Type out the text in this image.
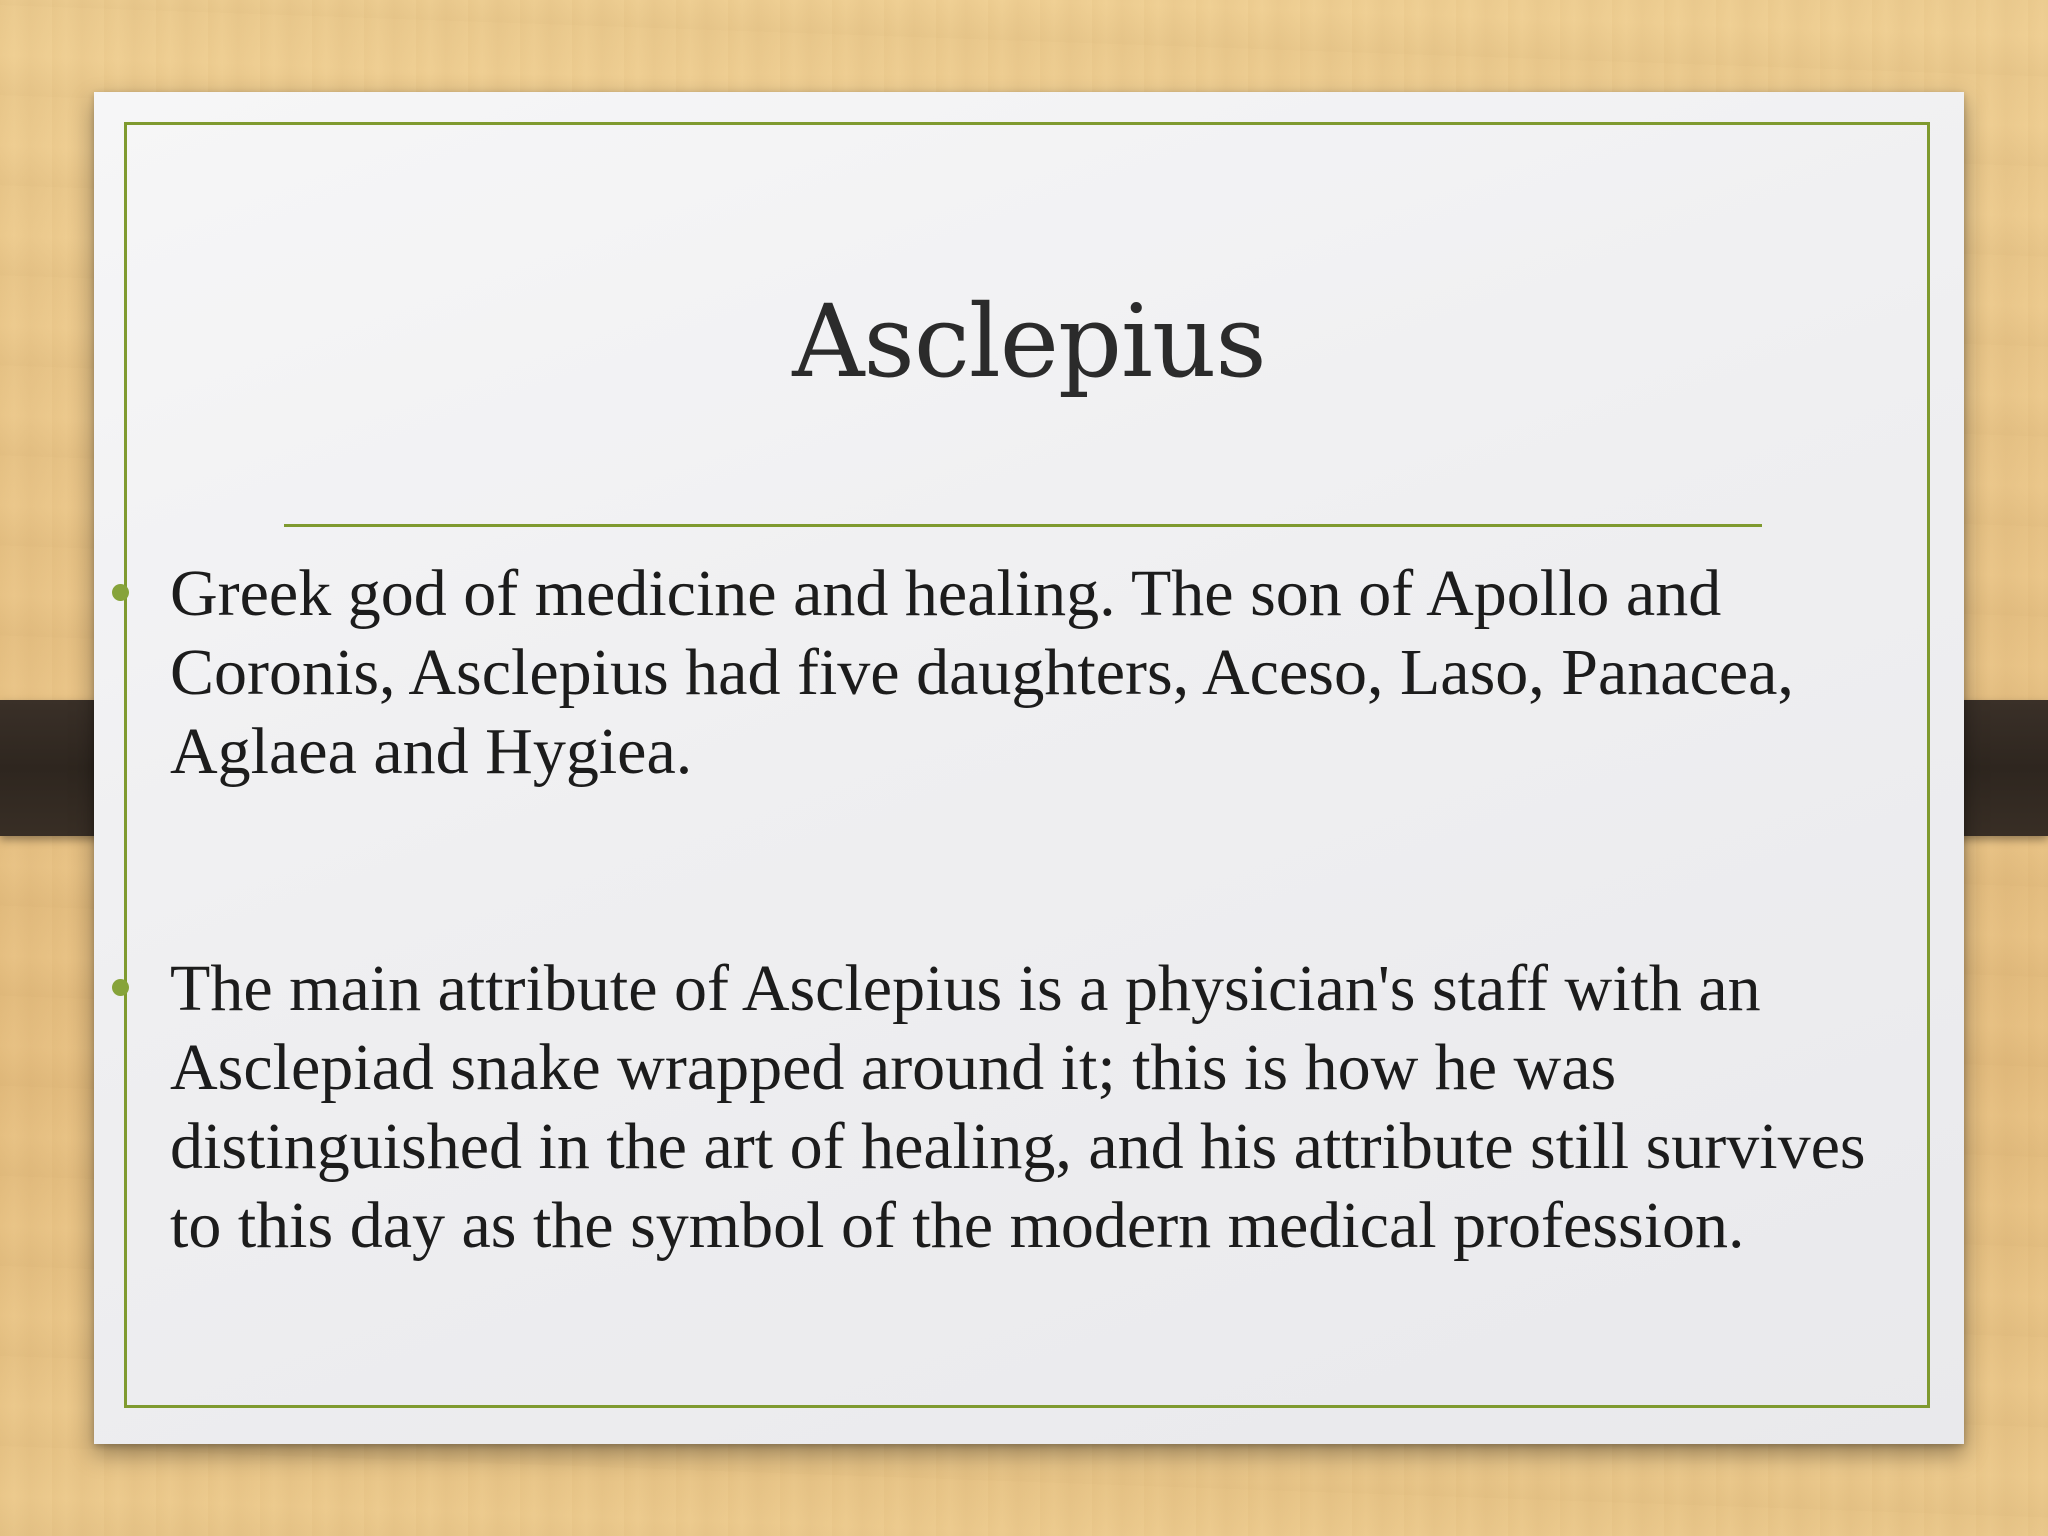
Asclepius
Greek god of medicine and healing. The son of Apollo and Coronis, Asclepius had five daughters, Aceso, Laso, Panacea, Aglaea and Hygiea.
The main attribute of Asclepius is a physician's staff with an Asclepiad snake wrapped around it; this is how he was distinguished in the art of healing, and his attribute still survives to this day as the symbol of the modern medical profession.
